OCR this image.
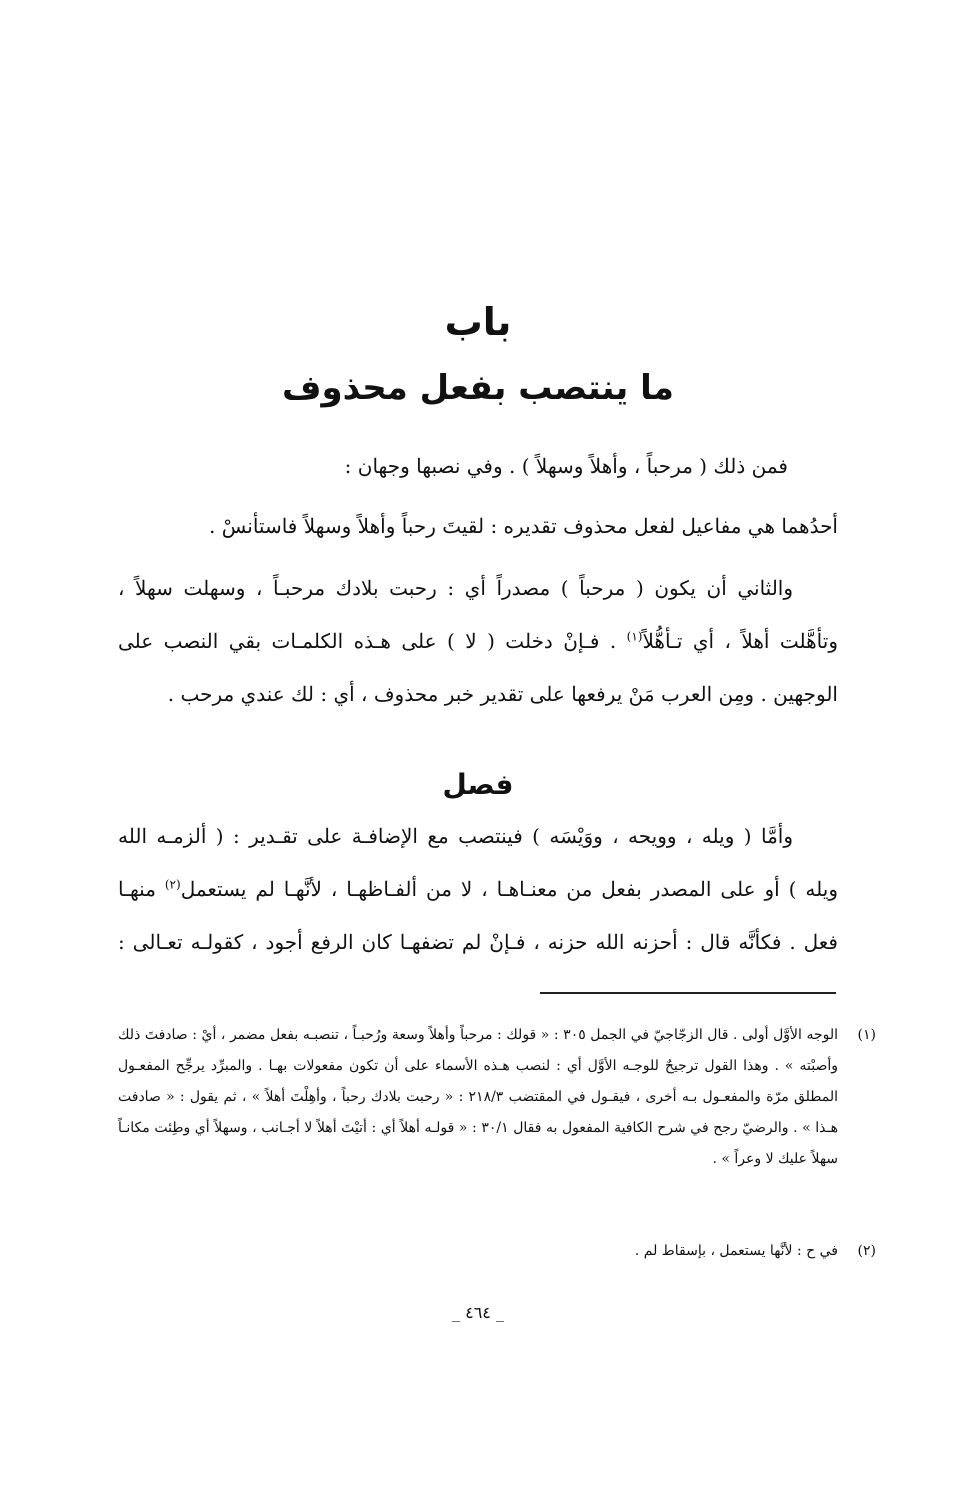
باب
ما ينتصب بفعل محذوف
فمن ذلك ( مرحباً ، وأهلاً وسهلاً ) . وفي نصبها وجهان :
أحدُهما هي مفاعيل لفعل محذوف تقديره : لقيتَ رحباً وأهلاً وسهلاً فاستأنسْ .
والثاني أن يكون ( مرحباً ) مصدراً أي : رحبت بلادك مرحبـاً ، وسهلت سهلاً ،
وتأهَّلت أهلاً ، أي تـأهُّلاً$^{(١)}$ . فـإنْ دخلت ( لا ) على هـذه الكلمـات بقي النصب على
الوجهين . ومِن العرب مَنْ يرفعها على تقدير خبر محذوف ، أي : لك عندي مرحب .
فصل
وأمَّا ( ويله ، وويحه ، ووَيْسَه ) فينتصب مع الإضافـة على تقـدير : ( ألزمـه الله
ويله ) أو على المصدر بفعل من معنـاهـا ، لا من ألفـاظهـا ، لأنَّهـا لم يستعمل$^{(٢)}$ منهـا
فعل . فكأنَّه قال : أحزنه الله حزنه ، فـإنْ لم تضفهـا كان الرفع أجود ، كقولـه تعـالى :
(١)
الوجه الأوَّل أولى . قال الزجّاجيّ في الجمل ٣٠٥ : « قولك : مرحباً وأهلاً وسعة ورُحبـاً ، تنصبـه بفعل مضمر ، أيْ : صادفتَ ذلك وأصبْته » . وهذا القول ترجيحٌ للوجـه الأوَّل أي : لنصب هـذه الأسماء على أن تكون مفعولات بهـا . والمبرِّد يرجِّح المفعـول المطلق مرّة والمفعـول بـه أخرى ، فيقـول في المقتضب ٢١٨/٣ : « رحبت بلادك رحباً ، وأهِلْتَ أهلاً » ، ثم يقول : « صادفت هـذا » . والرضيّ رجح في شرح الكافية المفعول به فقال ٣٠/١ : « قولـه أهلاً أي : أتيْتَ أهلاً لا أجـانب ، وسهلاً أي وطِئت مكانـاً سهلاً عليك لا وعراً » .
(٢)
في ح : لأنَّها يستعمل ، بإسقاط لم .
_ ٤٦٤ _
